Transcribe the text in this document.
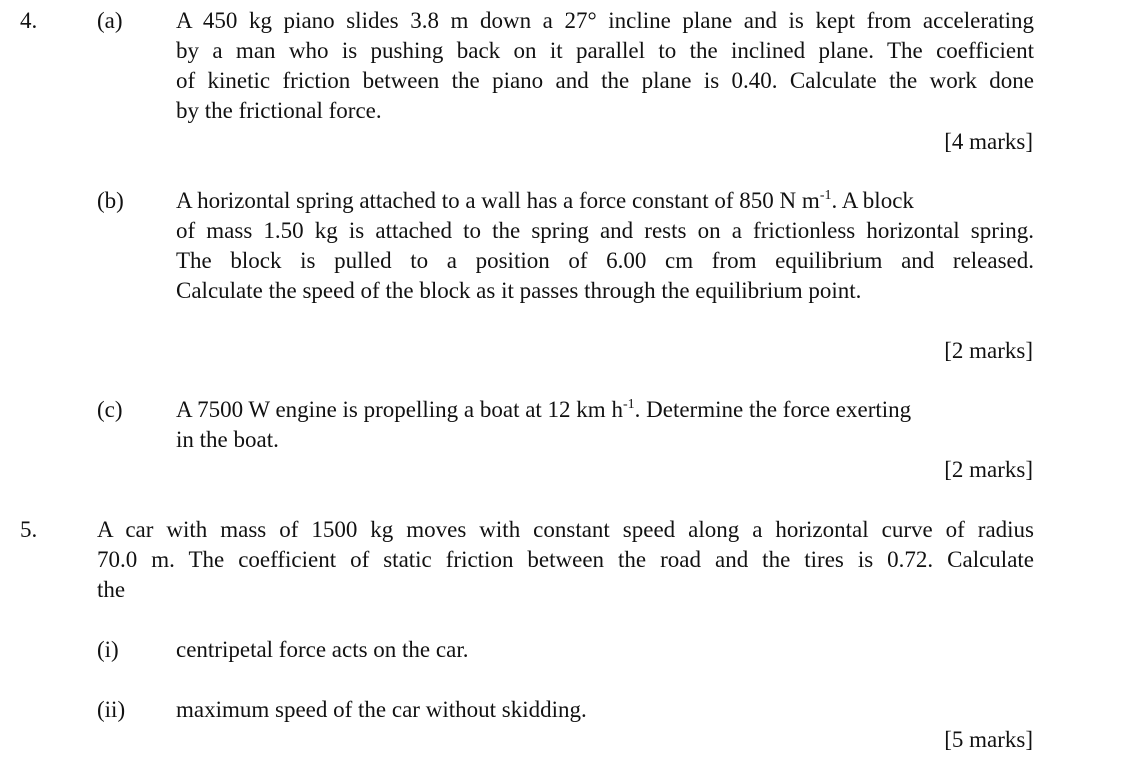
4.	(a) A 450 kg piano slides 3.8 m down a 27° incline plane and is kept from accelerating
by a man who is pushing back on it parallel to the inclined plane. The coefficient
of kinetic friction between the piano and the plane is 0.40. Calculate the work done
by the frictional force.
[4 marks]
(b) A horizontal spring attached to a wall has a force constant of 850 N $m^{-1}$. A block
of mass 1.50 kg is attached to the spring and rests on a frictionless horizontal spring.
The block is pulled to a position of 6.00 cm from equilibrium and released.
Calculate the speed of the block as it passes through the equilibrium point.
[2 marks]
(c) A 7500 W engine is propelling a boat at 12 km $h^{-1}$. Determine the force exerting
in the boat.
[2 marks]
5.	A car with mass of 1500 kg moves with constant speed along a horizontal curve of radius
70.0 m. The coefficient of static friction between the road and the tires is 0.72. Calculate
the
(i) centripetal force acts on the car.
(ii) maximum speed of the car without skidding.
[5 marks]
